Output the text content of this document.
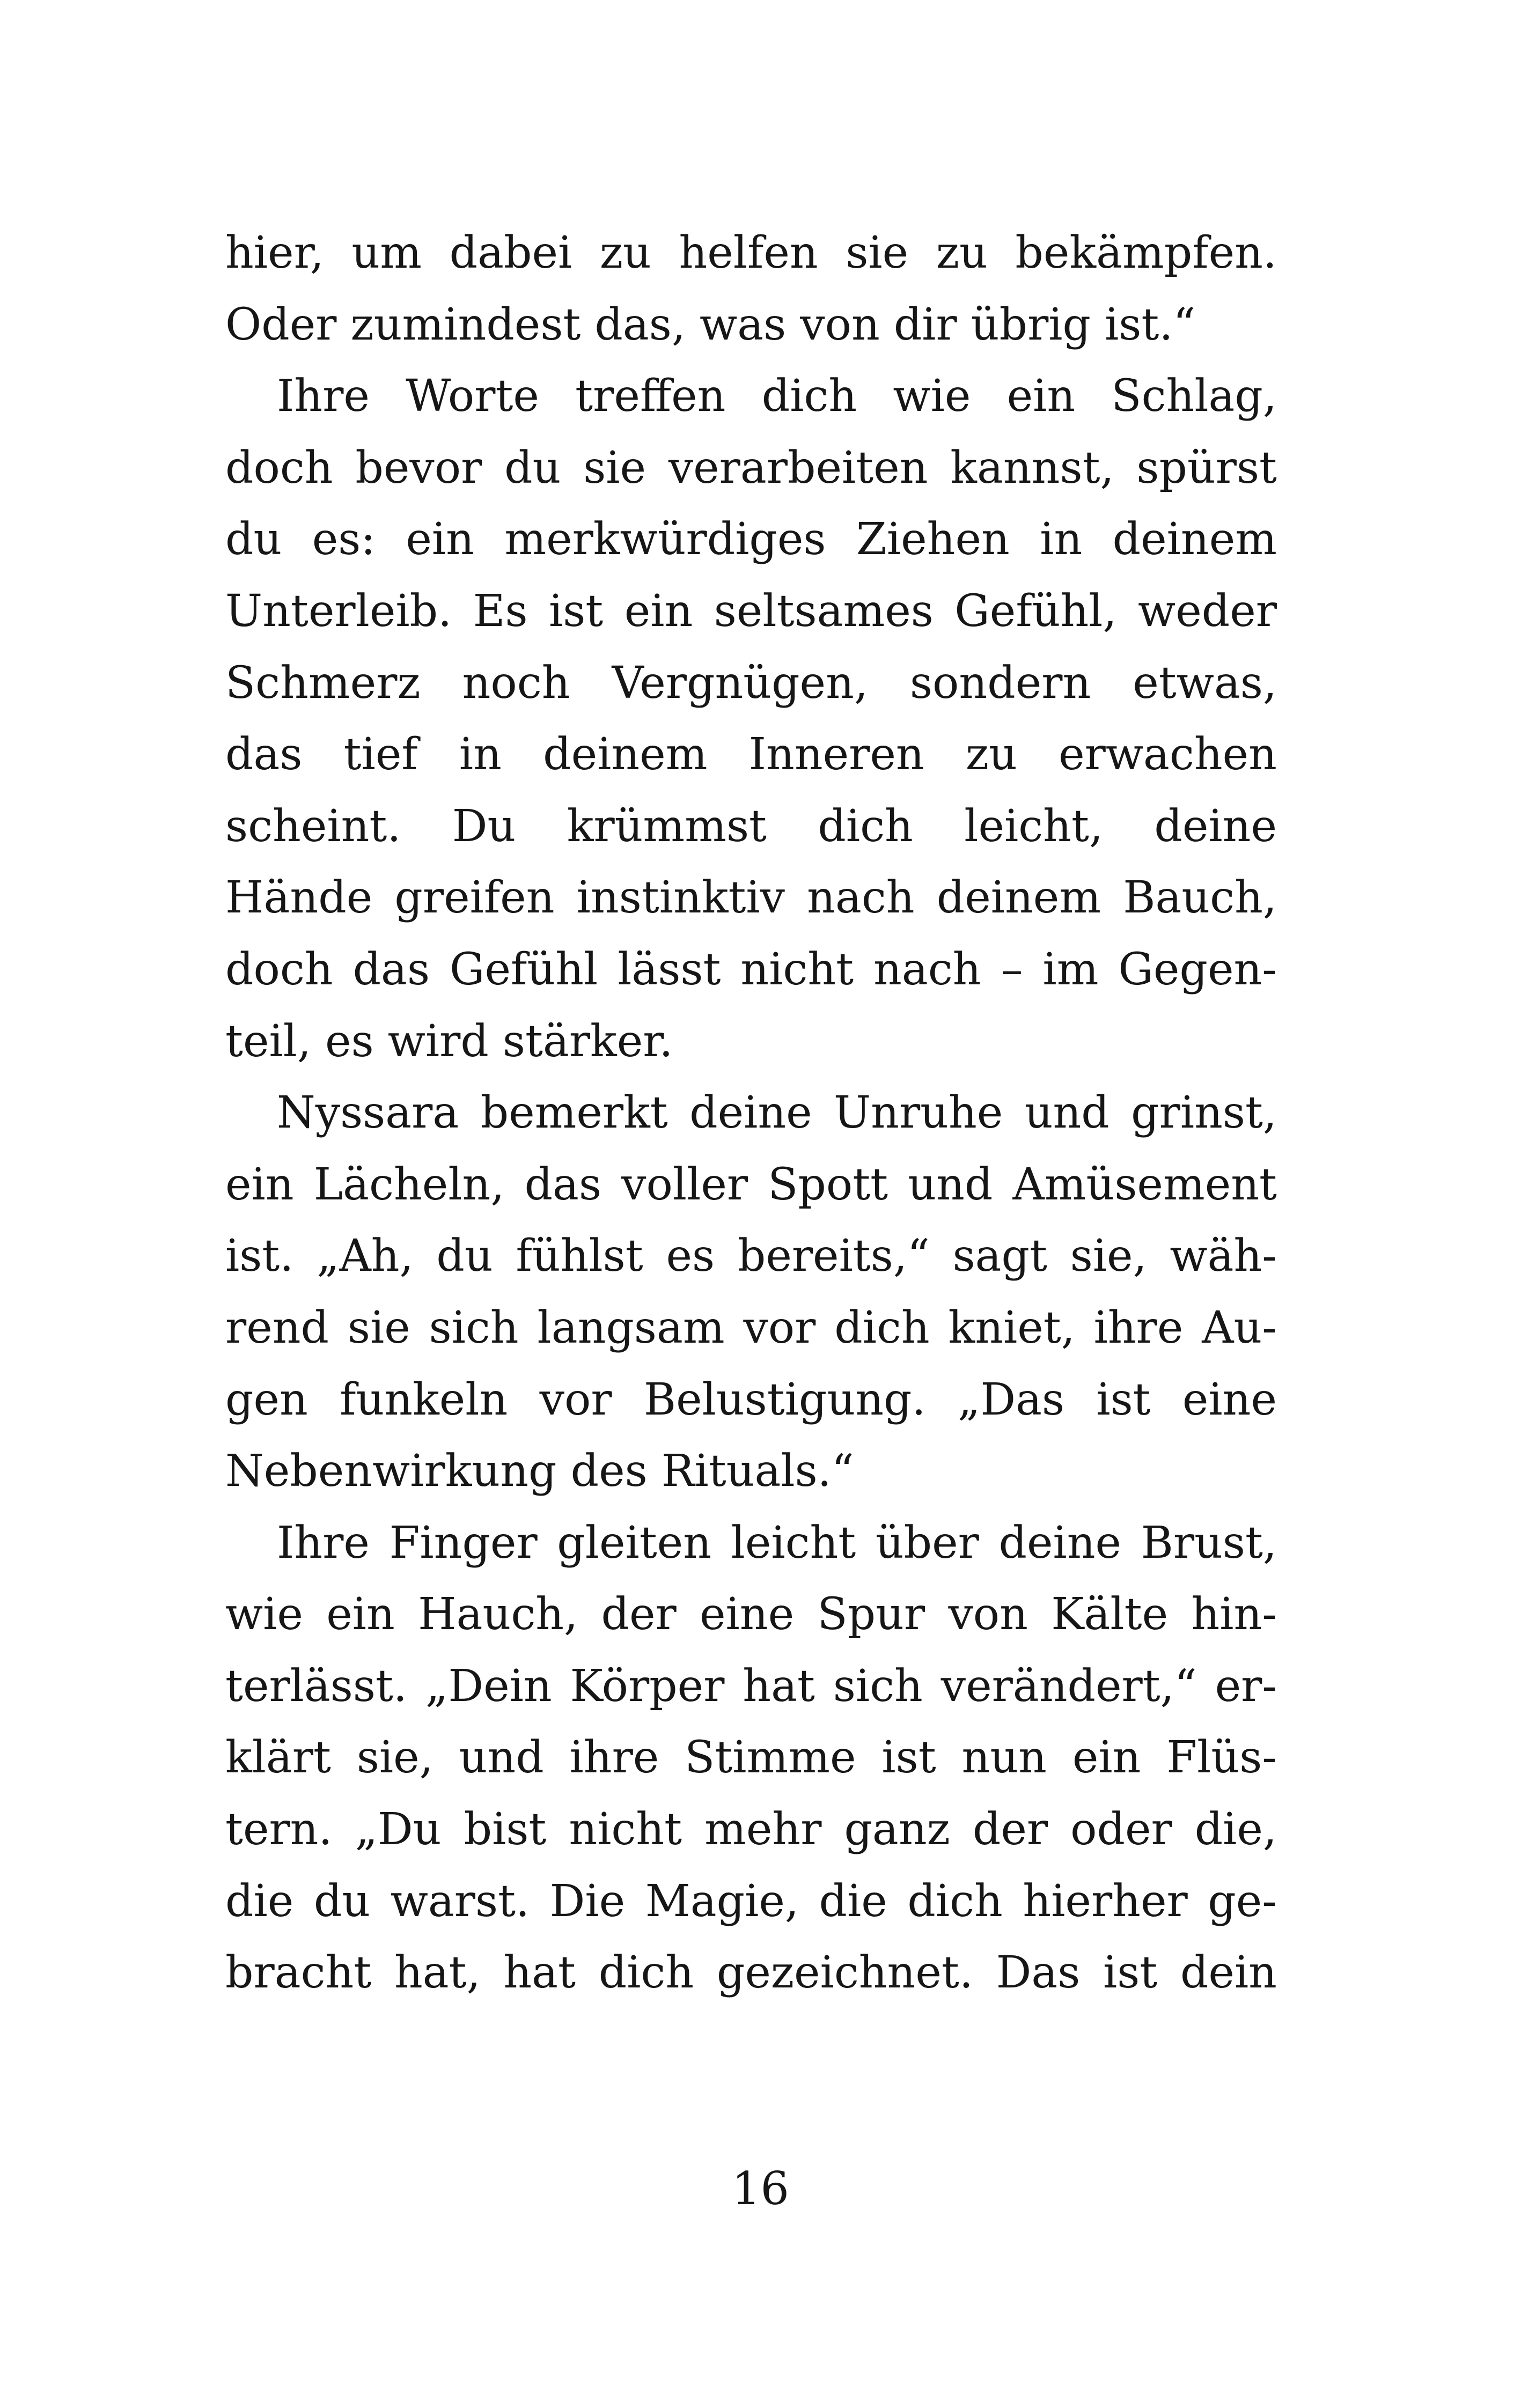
hier, um dabei zu helfen sie zu bekämpfen.
Oder zumindest das, was von dir übrig ist.“
Ihre Worte treffen dich wie ein Schlag,
doch bevor du sie verarbeiten kannst, spürst
du es: ein merkwürdiges Ziehen in deinem
Unterleib. Es ist ein seltsames Gefühl, weder
Schmerz noch Vergnügen, sondern etwas,
das tief in deinem Inneren zu erwachen
scheint. Du krümmst dich leicht, deine
Hände greifen instinktiv nach deinem Bauch,
doch das Gefühl lässt nicht nach – im Gegen-
teil, es wird stärker.
Nyssara bemerkt deine Unruhe und grinst,
ein Lächeln, das voller Spott und Amüsement
ist. „Ah, du fühlst es bereits,“ sagt sie, wäh-
rend sie sich langsam vor dich kniet, ihre Au-
gen funkeln vor Belustigung. „Das ist eine
Nebenwirkung des Rituals.“
Ihre Finger gleiten leicht über deine Brust,
wie ein Hauch, der eine Spur von Kälte hin-
terlässt. „Dein Körper hat sich verändert,“ er-
klärt sie, und ihre Stimme ist nun ein Flüs-
tern. „Du bist nicht mehr ganz der oder die,
die du warst. Die Magie, die dich hierher ge-
bracht hat, hat dich gezeichnet. Das ist dein
16
